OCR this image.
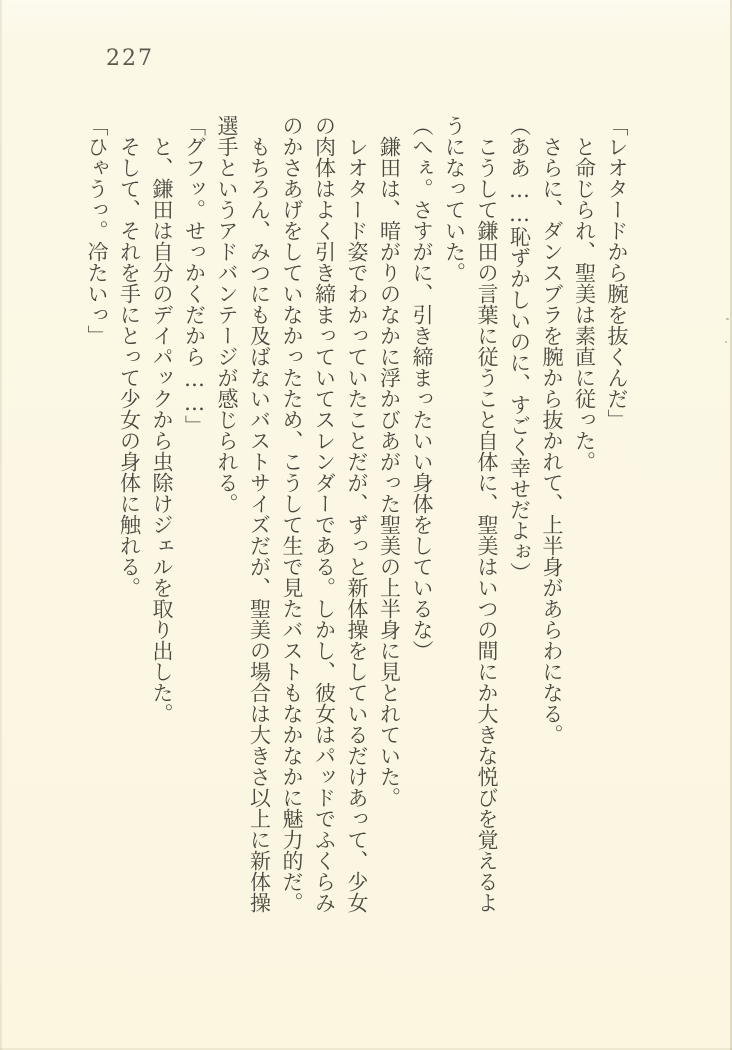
227

「レオタードから腕を抜くんだ」

と命じられ、聖美は素直に従った。

さらに、ダンスブラを腕から抜かれて、上半身があらわになる。

（ああ……恥ずかしいのに、すごく幸せだよぉ）

こうして鎌田の言葉に従うこと自体に、聖美はいつの間にか大きな悦びを覚えるようになっていた。

（へぇ。さすがに、引き締まったいい身体をしているな）

鎌田は、暗がりのなかに浮かびあがった聖美の上半身に見とれていた。

レオタード姿でわかっていたことだが、ずっと新体操をしているだけあって、少女の肉体はよく引き締まっていてスレンダーである。しかし、彼女はパッドでふくらみのかさあげをしていなかったため、こうして生で見たバストもなかなかに魅力的だ。

もちろん、みつにも及ばないバストサイズだが、聖美の場合は大きさ以上に新体操選手というアドバンテージが感じられる。

「グフッ。せっかくだから……」

と、鎌田は自分のデイパックから虫除けジェルを取り出した。

そして、それを手にとって少女の身体に触れる。

「ひゃうっ。冷たいっ」
